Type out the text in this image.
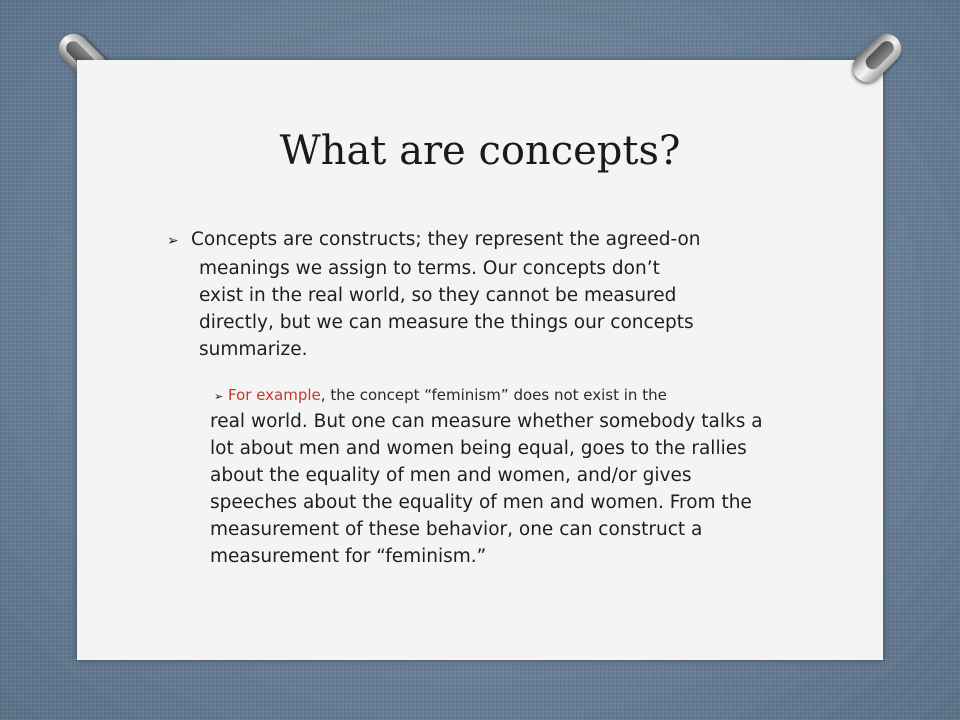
What are concepts?
➢ Concepts are constructs; they represent the agreed-on
meanings we assign to terms. Our concepts don’t
exist in the real world, so they cannot be measured
directly, but we can measure the things our concepts
summarize.
➢ For example, the concept “feminism” does not exist in the
real world. But one can measure whether somebody talks a
lot about men and women being equal, goes to the rallies
about the equality of men and women, and/or gives
speeches about the equality of men and women. From the
measurement of these behavior, one can construct a
measurement for “feminism.”
